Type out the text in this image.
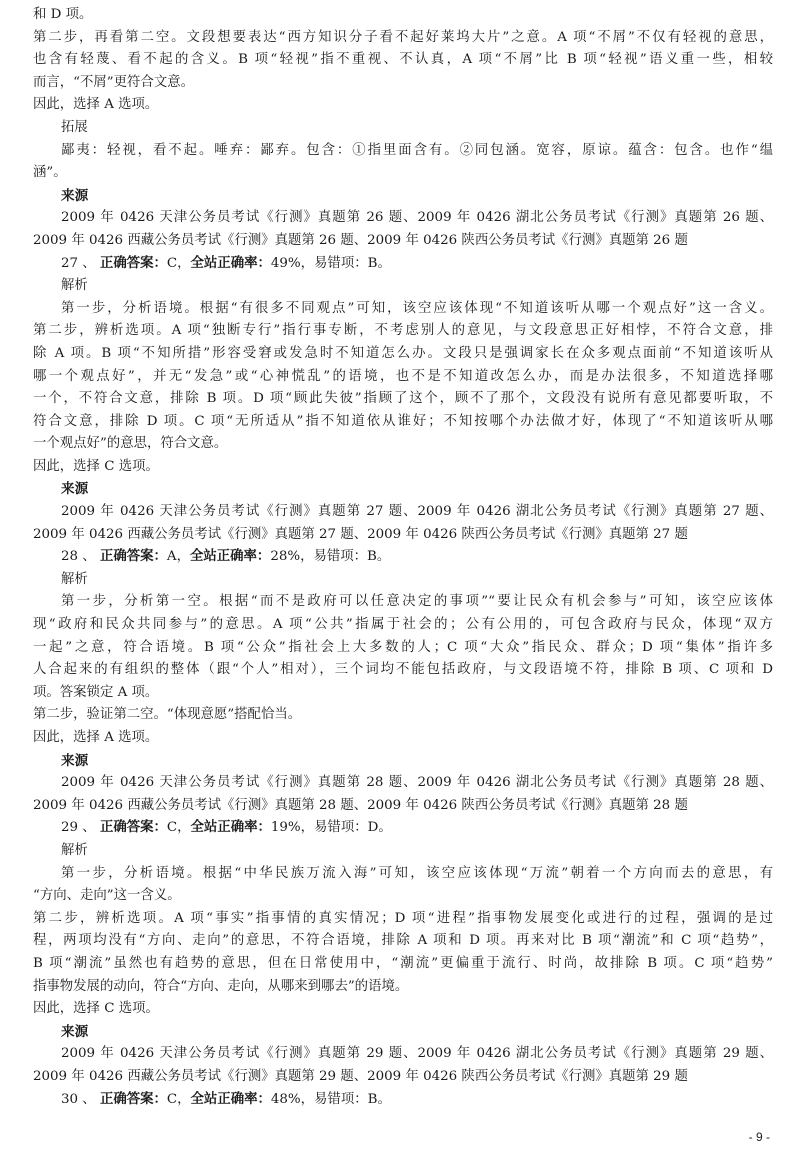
和 D 项。
第二步，再看第二空。文段想要表达“西方知识分子看不起好莱坞大片”之意。A 项“不屑”不仅有轻视的意思，
也含有轻蔑、看不起的含义。B 项“轻视”指不重视、不认真，A 项“不屑”比 B 项“轻视”语义重一些，相较
而言，“不屑”更符合文意。
因此，选择 A 选项。
拓展
鄙夷：轻视，看不起。唾弃：鄙弃。包含：①指里面含有。②同包涵。宽容，原谅。蕴含：包含。也作“缊
涵”。
来源
2009 年 0426 天津公务员考试《行测》真题第 26 题、2009 年 0426 湖北公务员考试《行测》真题第 26 题、
2009 年 0426 西藏公务员考试《行测》真题第 26 题、2009 年 0426 陕西公务员考试《行测》真题第 26 题
27 、 正确答案：C，全站正确率：49%，易错项：B。
解析
第一步，分析语境。根据“有很多不同观点”可知，该空应该体现“不知道该听从哪一个观点好”这一含义。
第二步，辨析选项。A 项“独断专行”指行事专断，不考虑别人的意见，与文段意思正好相悖，不符合文意，排
除 A 项。B 项“不知所措”形容受窘或发急时不知道怎么办。文段只是强调家长在众多观点面前“不知道该听从
哪一个观点好”，并无“发急”或“心神慌乱”的语境，也不是不知道改怎么办，而是办法很多，不知道选择哪
一个，不符合文意，排除 B 项。D 项“顾此失彼”指顾了这个，顾不了那个，文段没有说所有意见都要听取，不
符合文意，排除 D 项。C 项“无所适从”指不知道依从谁好；不知按哪个办法做才好，体现了“不知道该听从哪
一个观点好”的意思，符合文意。
因此，选择 C 选项。
来源
2009 年 0426 天津公务员考试《行测》真题第 27 题、2009 年 0426 湖北公务员考试《行测》真题第 27 题、
2009 年 0426 西藏公务员考试《行测》真题第 27 题、2009 年 0426 陕西公务员考试《行测》真题第 27 题
28 、 正确答案：A，全站正确率：28%，易错项：B。
解析
第一步，分析第一空。根据“而不是政府可以任意决定的事项”“要让民众有机会参与”可知，该空应该体
现“政府和民众共同参与”的意思。A 项“公共”指属于社会的；公有公用的，可包含政府与民众，体现“双方
一起”之意，符合语境。B 项“公众”指社会上大多数的人；C 项“大众”指民众、群众；D 项“集体”指许多
人合起来的有组织的整体（跟“个人”相对），三个词均不能包括政府，与文段语境不符，排除 B 项、C 项和 D
项。答案锁定 A 项。
第二步，验证第二空。“体现意愿”搭配恰当。
因此，选择 A 选项。
来源
2009 年 0426 天津公务员考试《行测》真题第 28 题、2009 年 0426 湖北公务员考试《行测》真题第 28 题、
2009 年 0426 西藏公务员考试《行测》真题第 28 题、2009 年 0426 陕西公务员考试《行测》真题第 28 题
29 、 正确答案：C，全站正确率：19%，易错项：D。
解析
第一步，分析语境。根据“中华民族万流入海”可知，该空应该体现“万流”朝着一个方向而去的意思，有
“方向、走向”这一含义。
第二步，辨析选项。A 项“事实”指事情的真实情况；D 项“进程”指事物发展变化或进行的过程，强调的是过
程，两项均没有“方向、走向”的意思，不符合语境，排除 A 项和 D 项。再来对比 B 项“潮流”和 C 项“趋势”，
B 项“潮流”虽然也有趋势的意思，但在日常使用中，“潮流”更偏重于流行、时尚，故排除 B 项。C 项“趋势”
指事物发展的动向，符合“方向、走向，从哪来到哪去”的语境。
因此，选择 C 选项。
来源
2009 年 0426 天津公务员考试《行测》真题第 29 题、2009 年 0426 湖北公务员考试《行测》真题第 29 题、
2009 年 0426 西藏公务员考试《行测》真题第 29 题、2009 年 0426 陕西公务员考试《行测》真题第 29 题
30 、 正确答案：C，全站正确率：48%，易错项：B。
- 9 -
